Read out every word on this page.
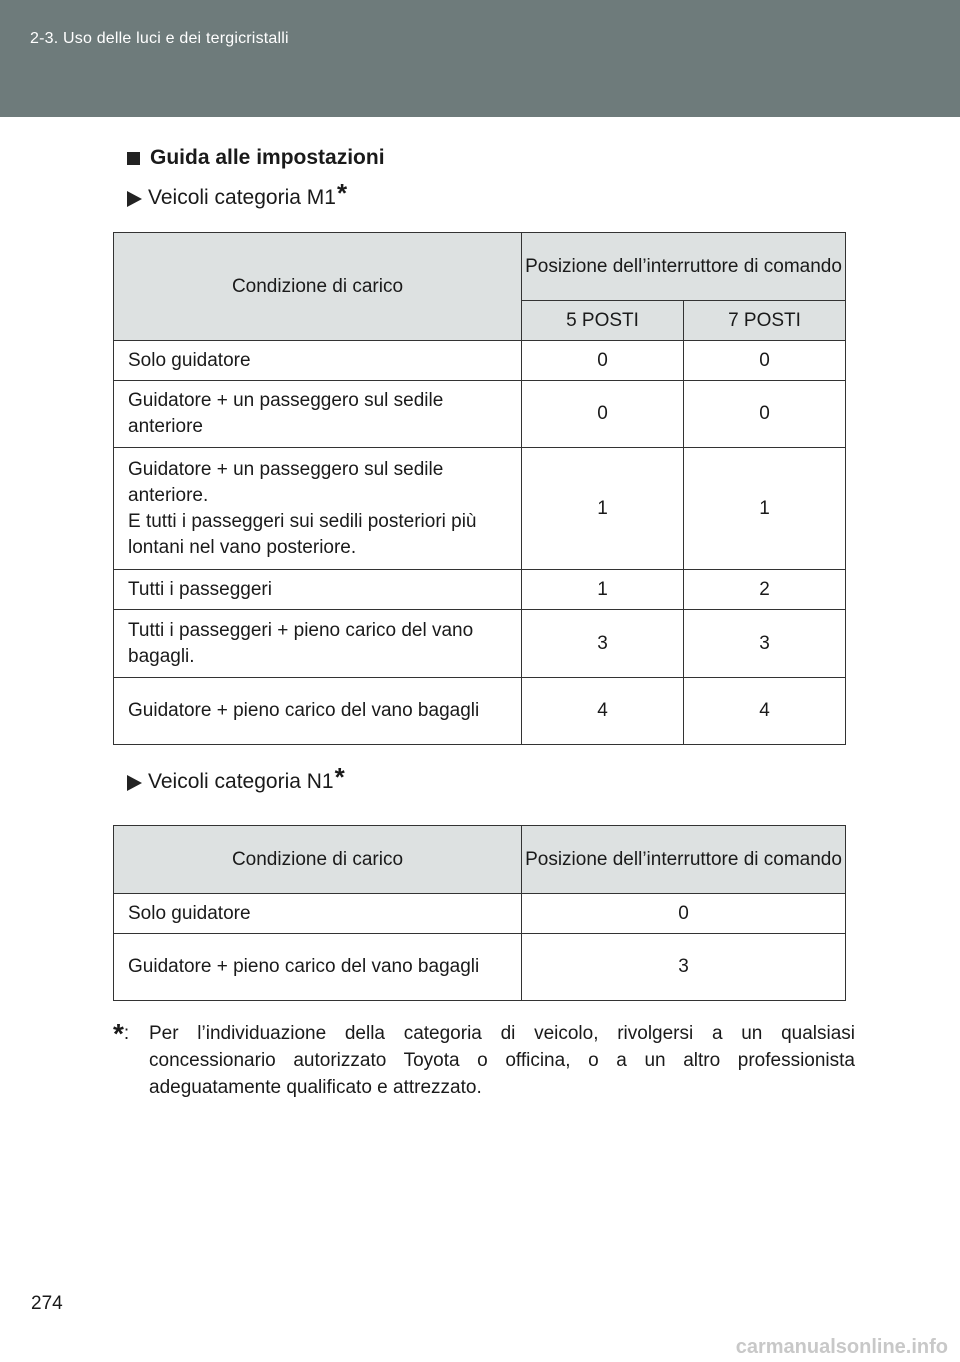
2-3. Uso delle luci e dei tergicristalli
Guida alle impostazioni
Veicoli categoria M1 *
Condizione di carico	Posizione dell’interruttore di comando	
	5 POSTI	7 POSTI
Solo guidatore	0	0
Guidatore + un passeggero sul sedile anteriore	0	0
Guidatore + un passeggero sul sedile anteriore.
E tutti i passeggeri sui sedili posteriori più lontani nel vano posteriore.	1	1
Tutti i passeggeri	1	2
Tutti i passeggeri + pieno carico del vano bagagli.	3	3
Guidatore + pieno carico del vano bagagli	4	4
Veicoli categoria N1 *
Condizione di carico	Posizione dell’interruttore di comando
Solo guidatore	0
Guidatore + pieno carico del vano bagagli	3
*:	Per l’individuazione della categoria di veicolo, rivolgersi a un qualsiasi concessionario autorizzato Toyota o officina, o a un altro professionista adeguatamente qualificato e attrezzato.
274
carmanualsonline.info
